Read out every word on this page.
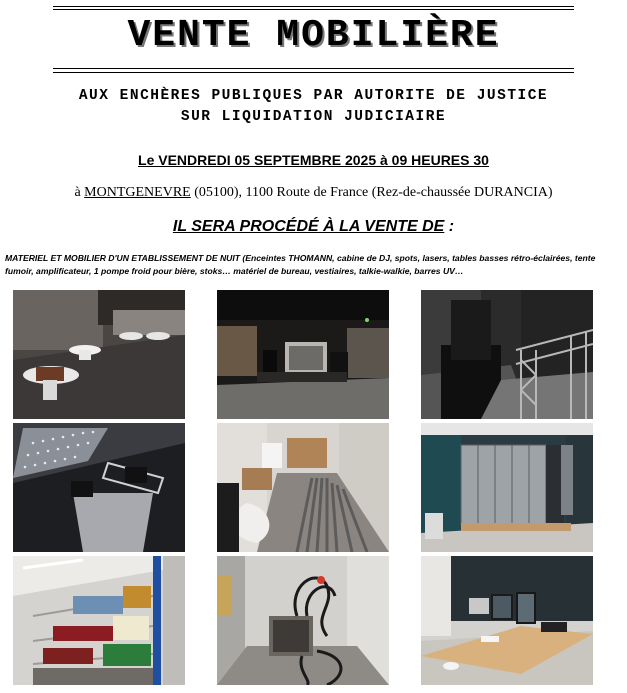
VENTE MOBILIÈRE
AUX ENCHÈRES PUBLIQUES PAR AUTORITE DE JUSTICE
SUR LIQUIDATION JUDICIAIRE
Le VENDREDI 05 SEPTEMBRE 2025 à 09 HEURES 30
à MONTGENEVRE (05100), 1100 Route de France (Rez-de-chaussée DURANCIA)
IL SERA PROCÉDÉ À LA VENTE DE :
MATERIEL ET MOBILIER D'UN ETABLISSEMENT DE NUIT (Enceintes THOMANN, cabine de DJ, spots, lasers, tables basses rétro-éclairées, tente fumoir, amplificateur, 1 pompe froid pour bière, stoks… matériel de bureau, vestiaires, talkie-walkie, barres UV…
